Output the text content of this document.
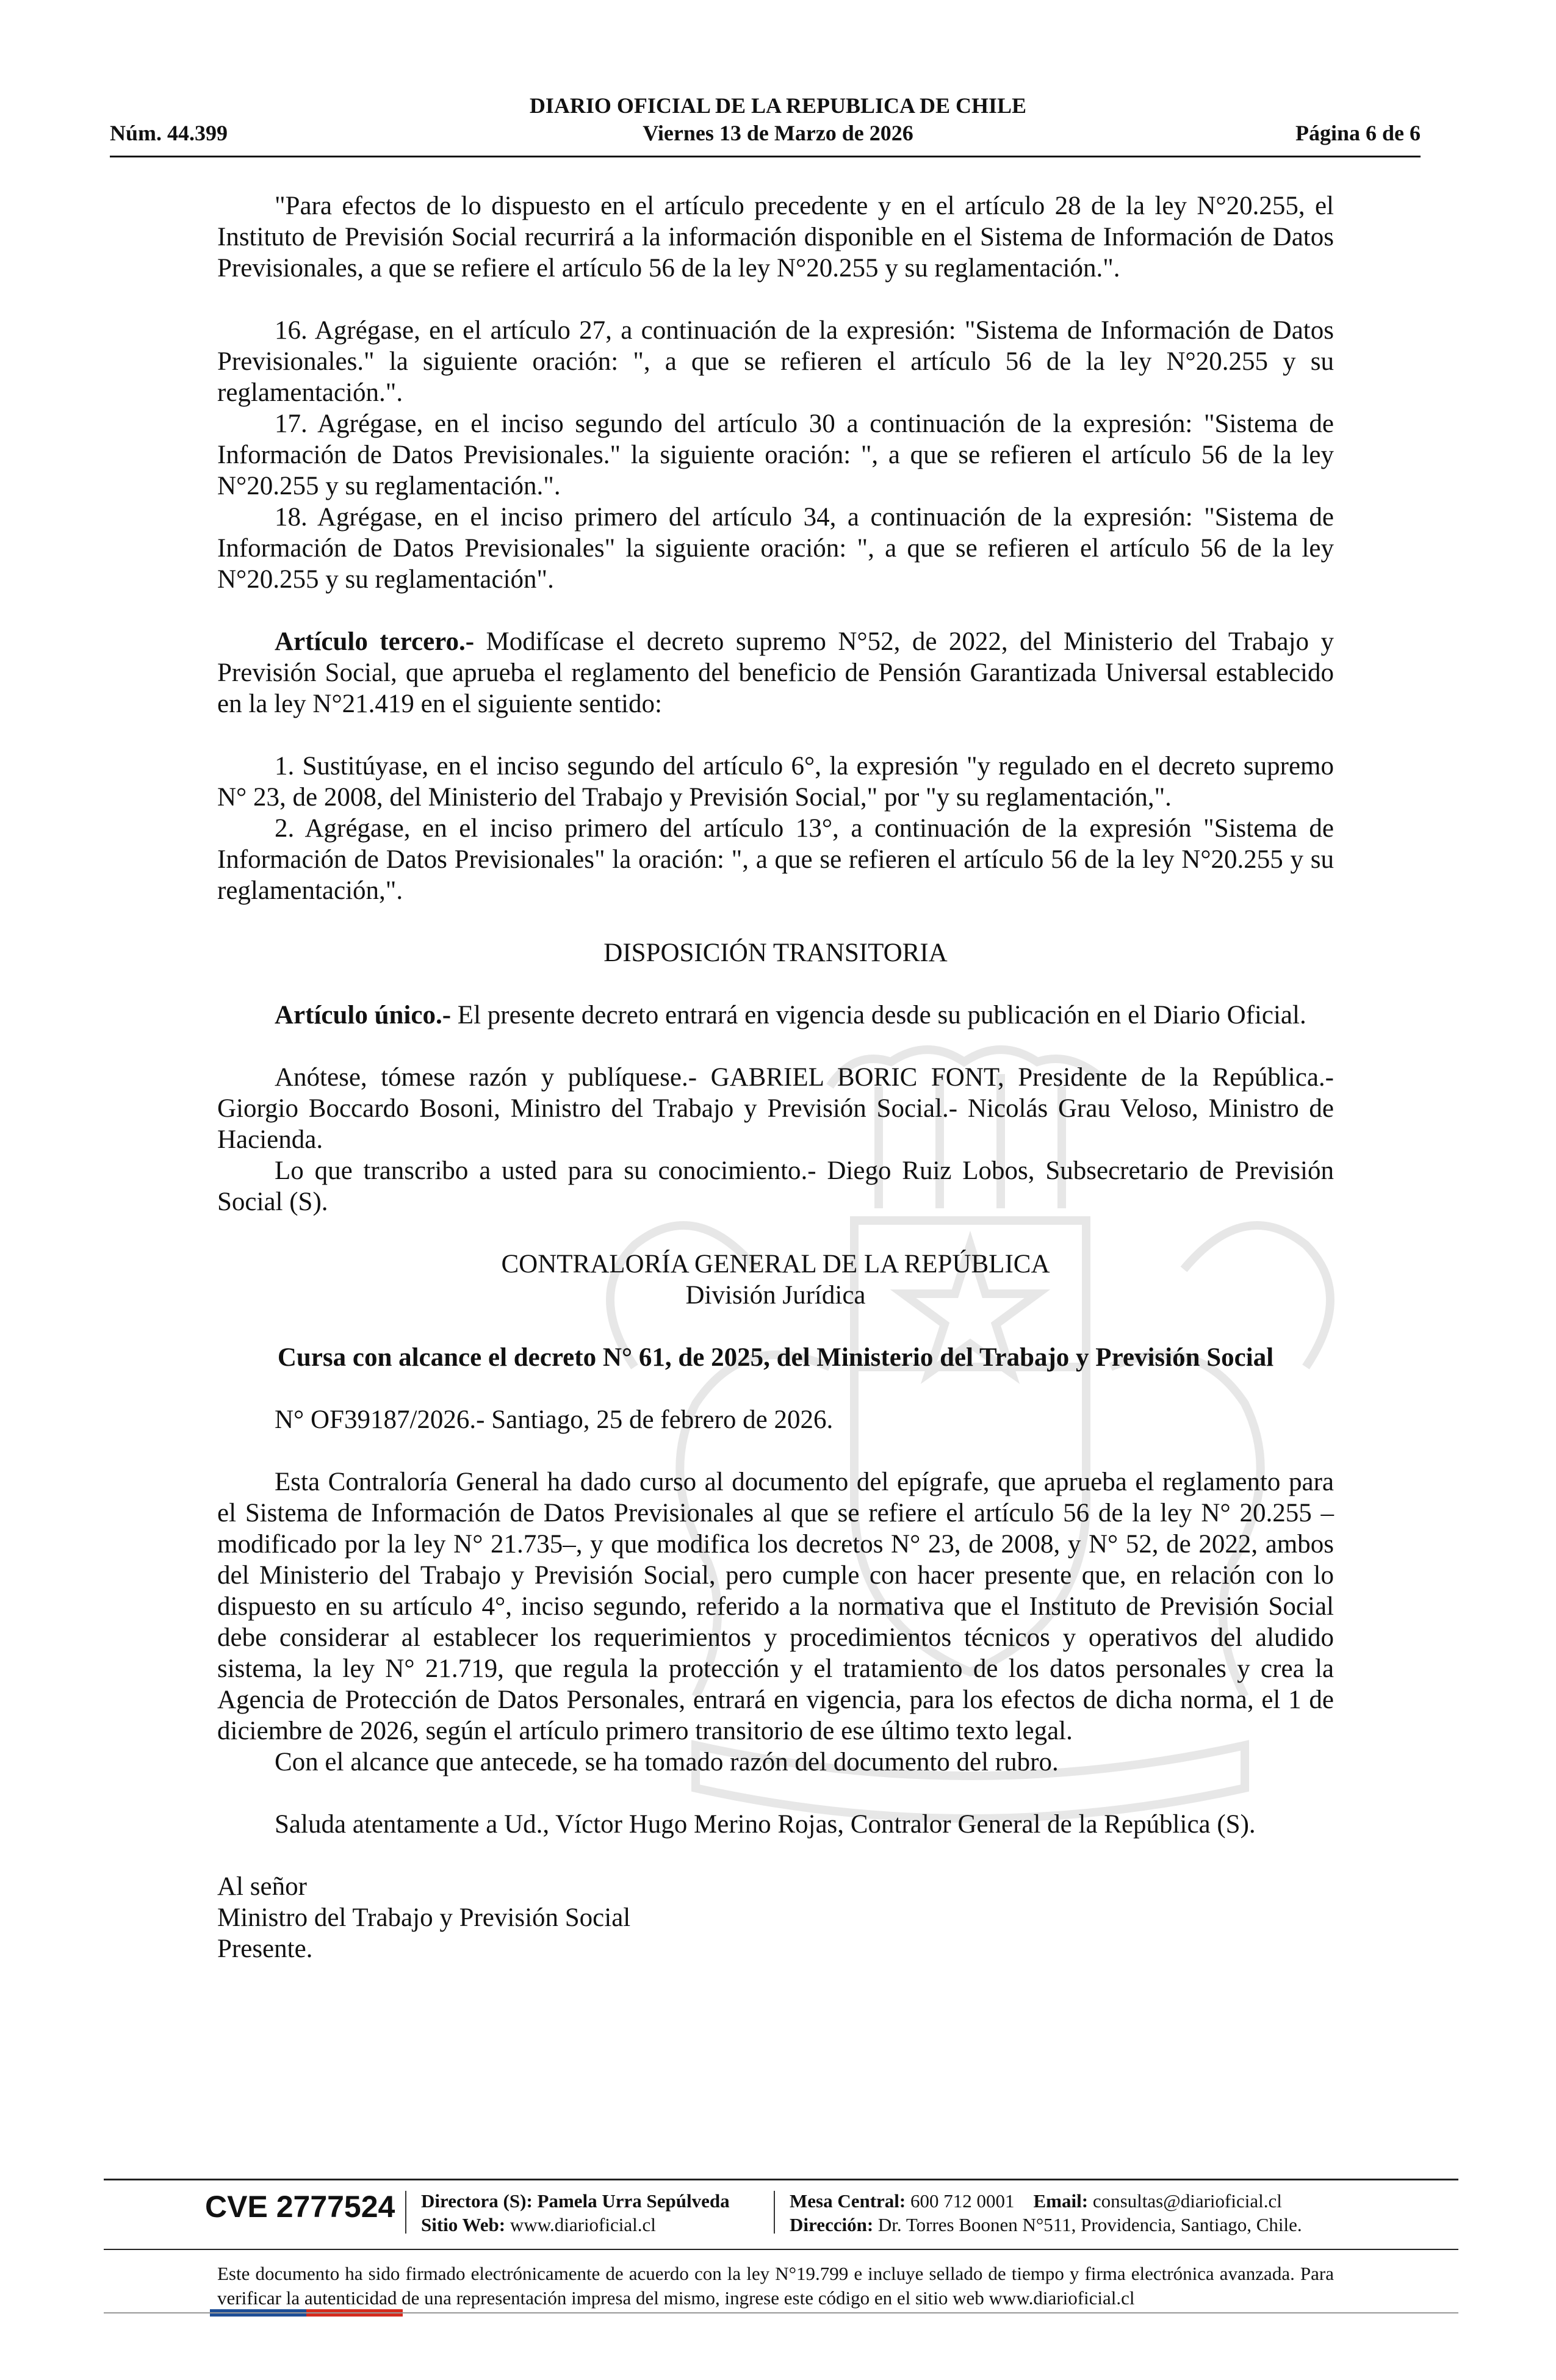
DIARIO OFICIAL DE LA REPUBLICA DE CHILE
Viernes 13 de Marzo de 2026
Núm. 44.399	Página 6 de 6

"Para efectos de lo dispuesto en el artículo precedente y en el artículo 28 de la ley N°20.255, el Instituto de Previsión Social recurrirá a la información disponible en el Sistema de Información de Datos Previsionales, a que se refiere el artículo 56 de la ley N°20.255 y su reglamentación.".

16. Agrégase, en el artículo 27, a continuación de la expresión: "Sistema de Información de Datos Previsionales." la siguiente oración: ", a que se refieren el artículo 56 de la ley N°20.255 y su reglamentación.".

17. Agrégase, en el inciso segundo del artículo 30 a continuación de la expresión: "Sistema de Información de Datos Previsionales." la siguiente oración: ", a que se refieren el artículo 56 de la ley N°20.255 y su reglamentación.".

18. Agrégase, en el inciso primero del artículo 34, a continuación de la expresión: "Sistema de Información de Datos Previsionales" la siguiente oración: ", a que se refieren el artículo 56 de la ley N°20.255 y su reglamentación".

Artículo tercero.- Modifícase el decreto supremo N°52, de 2022, del Ministerio del Trabajo y Previsión Social, que aprueba el reglamento del beneficio de Pensión Garantizada Universal establecido en la ley N°21.419 en el siguiente sentido:

1. Sustitúyase, en el inciso segundo del artículo 6°, la expresión "y regulado en el decreto supremo N° 23, de 2008, del Ministerio del Trabajo y Previsión Social," por "y su reglamentación,".

2. Agrégase, en el inciso primero del artículo 13°, a continuación de la expresión "Sistema de Información de Datos Previsionales" la oración: ", a que se refieren el artículo 56 de la ley N°20.255 y su reglamentación,".

DISPOSICIÓN TRANSITORIA

Artículo único.- El presente decreto entrará en vigencia desde su publicación en el Diario Oficial.

Anótese, tómese razón y publíquese.- GABRIEL BORIC FONT, Presidente de la República.- Giorgio Boccardo Bosoni, Ministro del Trabajo y Previsión Social.- Nicolás Grau Veloso, Ministro de Hacienda.

Lo que transcribo a usted para su conocimiento.- Diego Ruiz Lobos, Subsecretario de Previsión Social (S).

CONTRALORÍA GENERAL DE LA REPÚBLICA

División Jurídica

Cursa con alcance el decreto N° 61, de 2025, del Ministerio del Trabajo y Previsión Social

N° OF39187/2026.- Santiago, 25 de febrero de 2026.

Esta Contraloría General ha dado curso al documento del epígrafe, que aprueba el reglamento para el Sistema de Información de Datos Previsionales al que se refiere el artículo 56 de la ley N° 20.255 –modificado por la ley N° 21.735–, y que modifica los decretos N° 23, de 2008, y N° 52, de 2022, ambos del Ministerio del Trabajo y Previsión Social, pero cumple con hacer presente que, en relación con lo dispuesto en su artículo 4°, inciso segundo, referido a la normativa que el Instituto de Previsión Social debe considerar al establecer los requerimientos y procedimientos técnicos y operativos del aludido sistema, la ley N° 21.719, que regula la protección y el tratamiento de los datos personales y crea la Agencia de Protección de Datos Personales, entrará en vigencia, para los efectos de dicha norma, el 1 de diciembre de 2026, según el artículo primero transitorio de ese último texto legal.

Con el alcance que antecede, se ha tomado razón del documento del rubro.

Saluda atentamente a Ud., Víctor Hugo Merino Rojas, Contralor General de la República (S).

Al señor

Ministro del Trabajo y Previsión Social

Presente.

CVE 2777524 Directora (S): Pamela Urra Sepúlveda
Sitio Web: www.diarioficial.cl
Mesa Central: 600 712 0001 Email: consultas@diarioficial.cl
Dirección: Dr. Torres Boonen N°511, Providencia, Santiago, Chile.
Este documento ha sido firmado electrónicamente de acuerdo con la ley N°19.799 e incluye sellado de tiempo y firma electrónica avanzada. Para verificar la autenticidad de una representación impresa del mismo, ingrese este código en el sitio web www.diarioficial.cl
